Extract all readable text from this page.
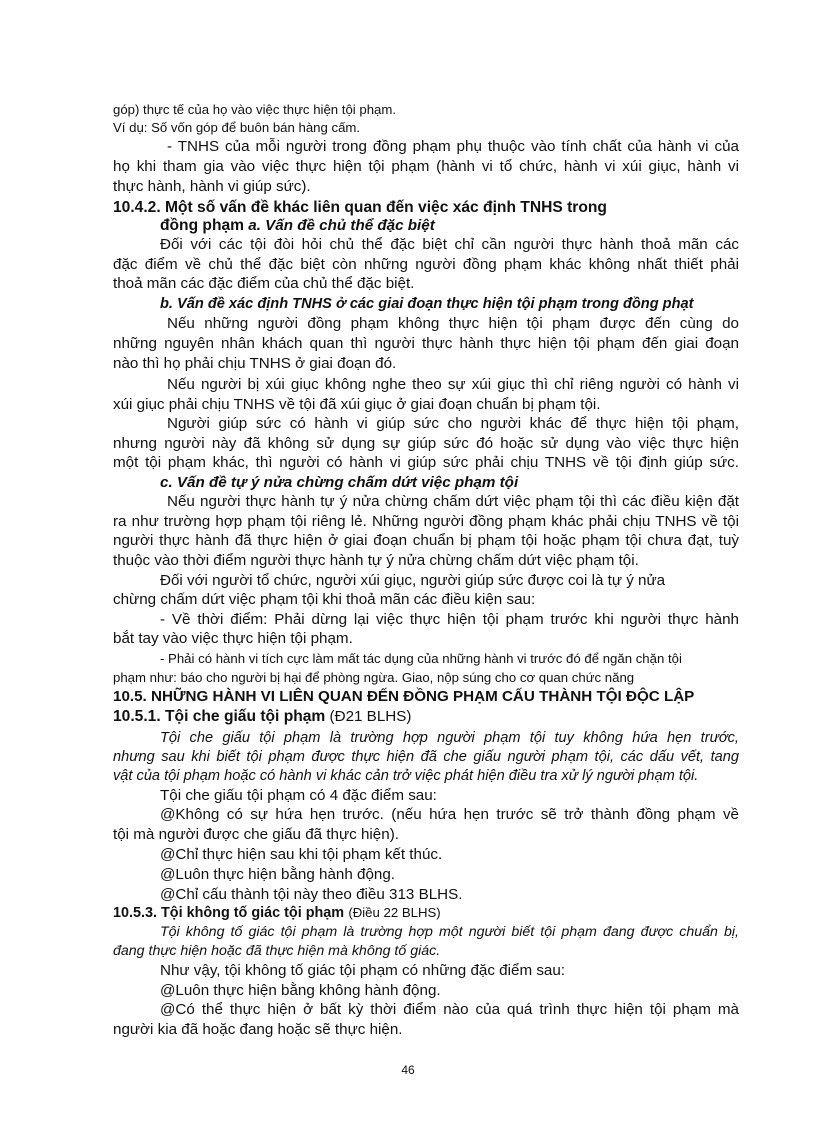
góp) thực tế của họ vào việc thực hiện tội phạm.
Ví dụ: Số vốn góp để buôn bán hàng cấm.
- TNHS của mỗi người trong đồng phạm phụ thuộc vào tính chất của hành vi của
họ khi tham gia vào việc thực hiện tội phạm (hành vi tổ chức, hành vi xúi giục, hành vi
thực hành, hành vi giúp sức).
10.4.2. Một số vấn đề khác liên quan đến việc xác định TNHS trong
đồng phạm a. Vấn đề chủ thể đặc biệt
Đối với các tội đòi hỏi chủ thể đặc biệt chỉ cần người thực hành thoả mãn các
đặc điểm về chủ thể đặc biệt còn những người đồng phạm khác không nhất thiết phải
thoả mãn các đặc điểm của chủ thể đặc biệt.
b. Vấn đề xác định TNHS ở các giai đoạn thực hiện tội phạm trong đồng phạt
Nếu những người đồng phạm không thực hiện tội phạm được đến cùng do
những nguyên nhân khách quan thì người thực hành thực hiện tội phạm đến giai đoạn
nào thì họ phải chịu TNHS ở giai đoạn đó.
Nếu người bị xúi giục không nghe theo sự xúi giục thì chỉ riêng người có hành vi
xúi giục phải chịu TNHS về tội đã xúi giục ở giai đoạn chuẩn bị phạm tội.
Người giúp sức có hành vi giúp sức cho người khác để thực hiện tội phạm,
nhưng người này đã không sử dụng sự giúp sức đó hoặc sử dụng vào việc thực hiện
một tội phạm khác, thì người có hành vi giúp sức phải chịu TNHS về tội định giúp sức.
c. Vấn đề tự ý nửa chừng chấm dứt việc phạm tội
Nếu người thực hành tự ý nửa chừng chấm dứt việc phạm tội thì các điều kiện đặt
ra như trường hợp phạm tội riêng lẻ. Những người đồng phạm khác phải chịu TNHS về tội
người thực hành đã thực hiện ở giai đoạn chuẩn bị phạm tội hoặc phạm tội chưa đạt, tuỳ
thuộc vào thời điểm người thực hành tự ý nửa chừng chấm dứt việc phạm tội.
Đối với người tổ chức, người xúi giục, người giúp sức được coi là tự ý nửa
chừng chấm dứt việc phạm tội khi thoả mãn các điều kiện sau:
- Về thời điểm: Phải dừng lại việc thực hiện tội phạm trước khi người thực hành
bắt tay vào việc thực hiện tội phạm.
- Phải có hành vi tích cực làm mất tác dụng của những hành vi trước đó để ngăn chặn tội
phạm như: báo cho người bị hại để phòng ngừa. Giao, nộp súng cho cơ quan chức năng
10.5. NHỮNG HÀNH VI LIÊN QUAN ĐẾN ĐỒNG PHẠM CẤU THÀNH TỘI ĐỘC LẬP
10.5.1. Tội che giấu tội phạm (Đ21 BLHS)
Tội che giấu tội phạm là trường hợp người phạm tội tuy không hứa hẹn trước,
nhưng sau khi biết tội phạm được thực hiện đã che giấu người phạm tội, các dấu vết, tang
vật của tội phạm hoặc có hành vi khác cản trở việc phát hiện điều tra xử lý người phạm tội.
Tội che giấu tội phạm có 4 đặc điểm sau:
@Không có sự hứa hẹn trước. (nếu hứa hẹn trước sẽ trở thành đồng phạm về
tội mà người được che giấu đã thực hiện).
@Chỉ thực hiện sau khi tội phạm kết thúc.
@Luôn thực hiện bằng hành động.
@Chỉ cấu thành tội này theo điều 313 BLHS.
10.5.3. Tội không tố giác tội phạm (Điều 22 BLHS)
Tội không tố giác tội phạm là trường hợp một người biết tội phạm đang được chuẩn bị,
đang thực hiện hoặc đã thực hiện mà không tố giác.
Như vậy, tội không tố giác tội phạm có những đặc điểm sau:
@Luôn thực hiện bằng không hành động.
@Có thể thực hiện ở bất kỳ thời điểm nào của quá trình thực hiện tội phạm mà
người kia đã hoặc đang hoặc sẽ thực hiện.
46
